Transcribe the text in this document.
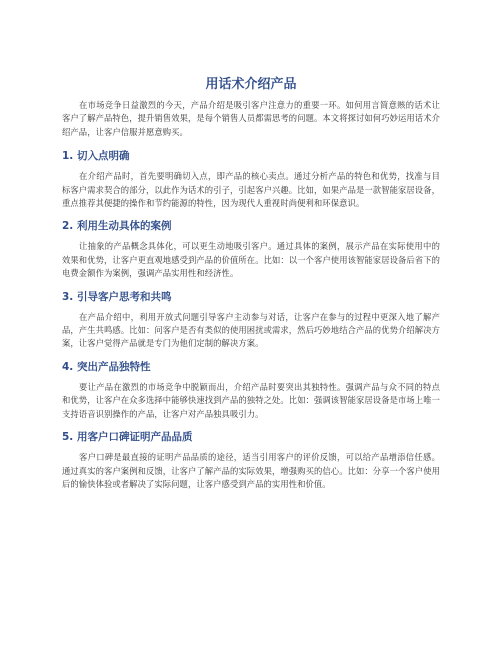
用话术介绍产品

在市场竞争日益激烈的今天，产品介绍是吸引客户注意力的重要一环。如何用言简意赅的话术让客户了解产品特色，提升销售效果，是每个销售人员都需思考的问题。本文将探讨如何巧妙运用话术介绍产品，让客户信服并愿意购买。

1. 切入点明确

在介绍产品时，首先要明确切入点，即产品的核心卖点。通过分析产品的特色和优势，找准与目标客户需求契合的部分，以此作为话术的引子，引起客户兴趣。比如，如果产品是一款智能家居设备，重点推荐其便捷的操作和节约能源的特性，因为现代人重视时尚便利和环保意识。

2. 利用生动具体的案例

让抽象的产品概念具体化，可以更生动地吸引客户。通过具体的案例，展示产品在实际使用中的效果和优势，让客户更直观地感受到产品的价值所在。比如：以一个客户使用该智能家居设备后省下的电费金额作为案例，强调产品实用性和经济性。

3. 引导客户思考和共鸣

在产品介绍中，利用开放式问题引导客户主动参与对话，让客户在参与的过程中更深入地了解产品，产生共鸣感。比如：问客户是否有类似的使用困扰或需求，然后巧妙地结合产品的优势介绍解决方案，让客户觉得产品就是专门为他们定制的解决方案。

4. 突出产品独特性

要让产品在激烈的市场竞争中脱颖而出，介绍产品时要突出其独特性。强调产品与众不同的特点和优势，让客户在众多选择中能够快速找到产品的独特之处。比如：强调该智能家居设备是市场上唯一支持语音识别操作的产品，让客户对产品独具吸引力。

5. 用客户口碑证明产品品质

客户口碑是最直接的证明产品品质的途径，适当引用客户的评价反馈，可以给产品增添信任感。通过真实的客户案例和反馈，让客户了解产品的实际效果，增强购买的信心。比如：分享一个客户使用后的愉快体验或者解决了实际问题，让客户感受到产品的实用性和价值。
